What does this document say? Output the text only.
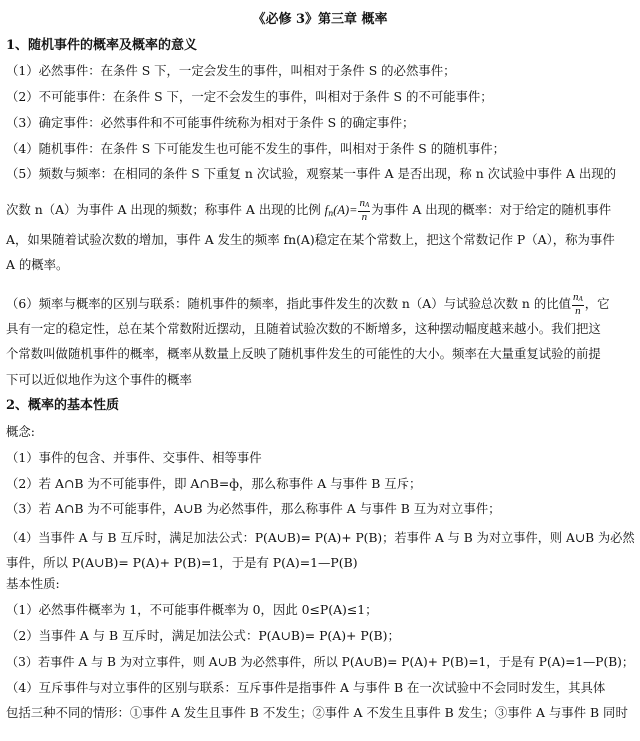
《必修 3》第三章 概率
1、随机事件的概率及概率的意义
（1）必然事件：在条件 S 下，一定会发生的事件，叫相对于条件 S 的必然事件；
（2）不可能事件：在条件 S 下，一定不会发生的事件，叫相对于条件 S 的不可能事件；
（3）确定事件：必然事件和不可能事件统称为相对于条件 S 的确定事件；
（4）随机事件：在条件 S 下可能发生也可能不发生的事件，叫相对于条件 S 的随机事件；
（5）频数与频率：在相同的条件 S 下重复 n 次试验，观察某一事件 A 是否出现，称 n 次试验中事件 A 出现的
次数 n（A）为事件 A 出现的频数；称事件 A 出现的比例 $f_n(A)= \frac{nA}{n}$ 为事件 A 出现的概率：对于给定的随机事件
A，如果随着试验次数的增加，事件 A 发生的频率 fn(A)稳定在某个常数上，把这个常数记作 P（A），称为事件
A 的概率。
（6）频率与概率的区别与联系：随机事件的频率，指此事件发生的次数 n（A）与试验总次数 n 的比值 $\frac{nA}{n}$ ，它
具有一定的稳定性，总在某个常数附近摆动，且随着试验次数的不断增多，这种摆动幅度越来越小。我们把这
个常数叫做随机事件的概率，概率从数量上反映了随机事件发生的可能性的大小。频率在大量重复试验的前提
下可以近似地作为这个事件的概率
2、概率的基本性质
概念:
（1）事件的包含、并事件、交事件、相等事件
（2）若 A∩B 为不可能事件，即 A∩B=ф，那么称事件 A 与事件 B 互斥；
（3）若 A∩B 为不可能事件，A∪B 为必然事件，那么称事件 A 与事件 B 互为对立事件；
（4）当事件 A 与 B 互斥时，满足加法公式：P(A∪B)= P(A)+ P(B)；若事件 A 与 B 为对立事件，则 A∪B 为必然
事件，所以 P(A∪B)= P(A)+ P(B)=1，于是有 P(A)=1—P(B)
基本性质:
（1）必然事件概率为 1，不可能事件概率为 0，因此 0≤P(A)≤1；
（2）当事件 A 与 B 互斥时，满足加法公式：P(A∪B)= P(A)+ P(B)；
（3）若事件 A 与 B 为对立事件，则 A∪B 为必然事件，所以 P(A∪B)= P(A)+ P(B)=1，于是有 P(A)=1—P(B)；
（4）互斥事件与对立事件的区别与联系：互斥事件是指事件 A 与事件 B 在一次试验中不会同时发生，其具体
包括三种不同的情形：①事件 A 发生且事件 B 不发生；②事件 A 不发生且事件 B 发生；③事件 A 与事件 B 同时
